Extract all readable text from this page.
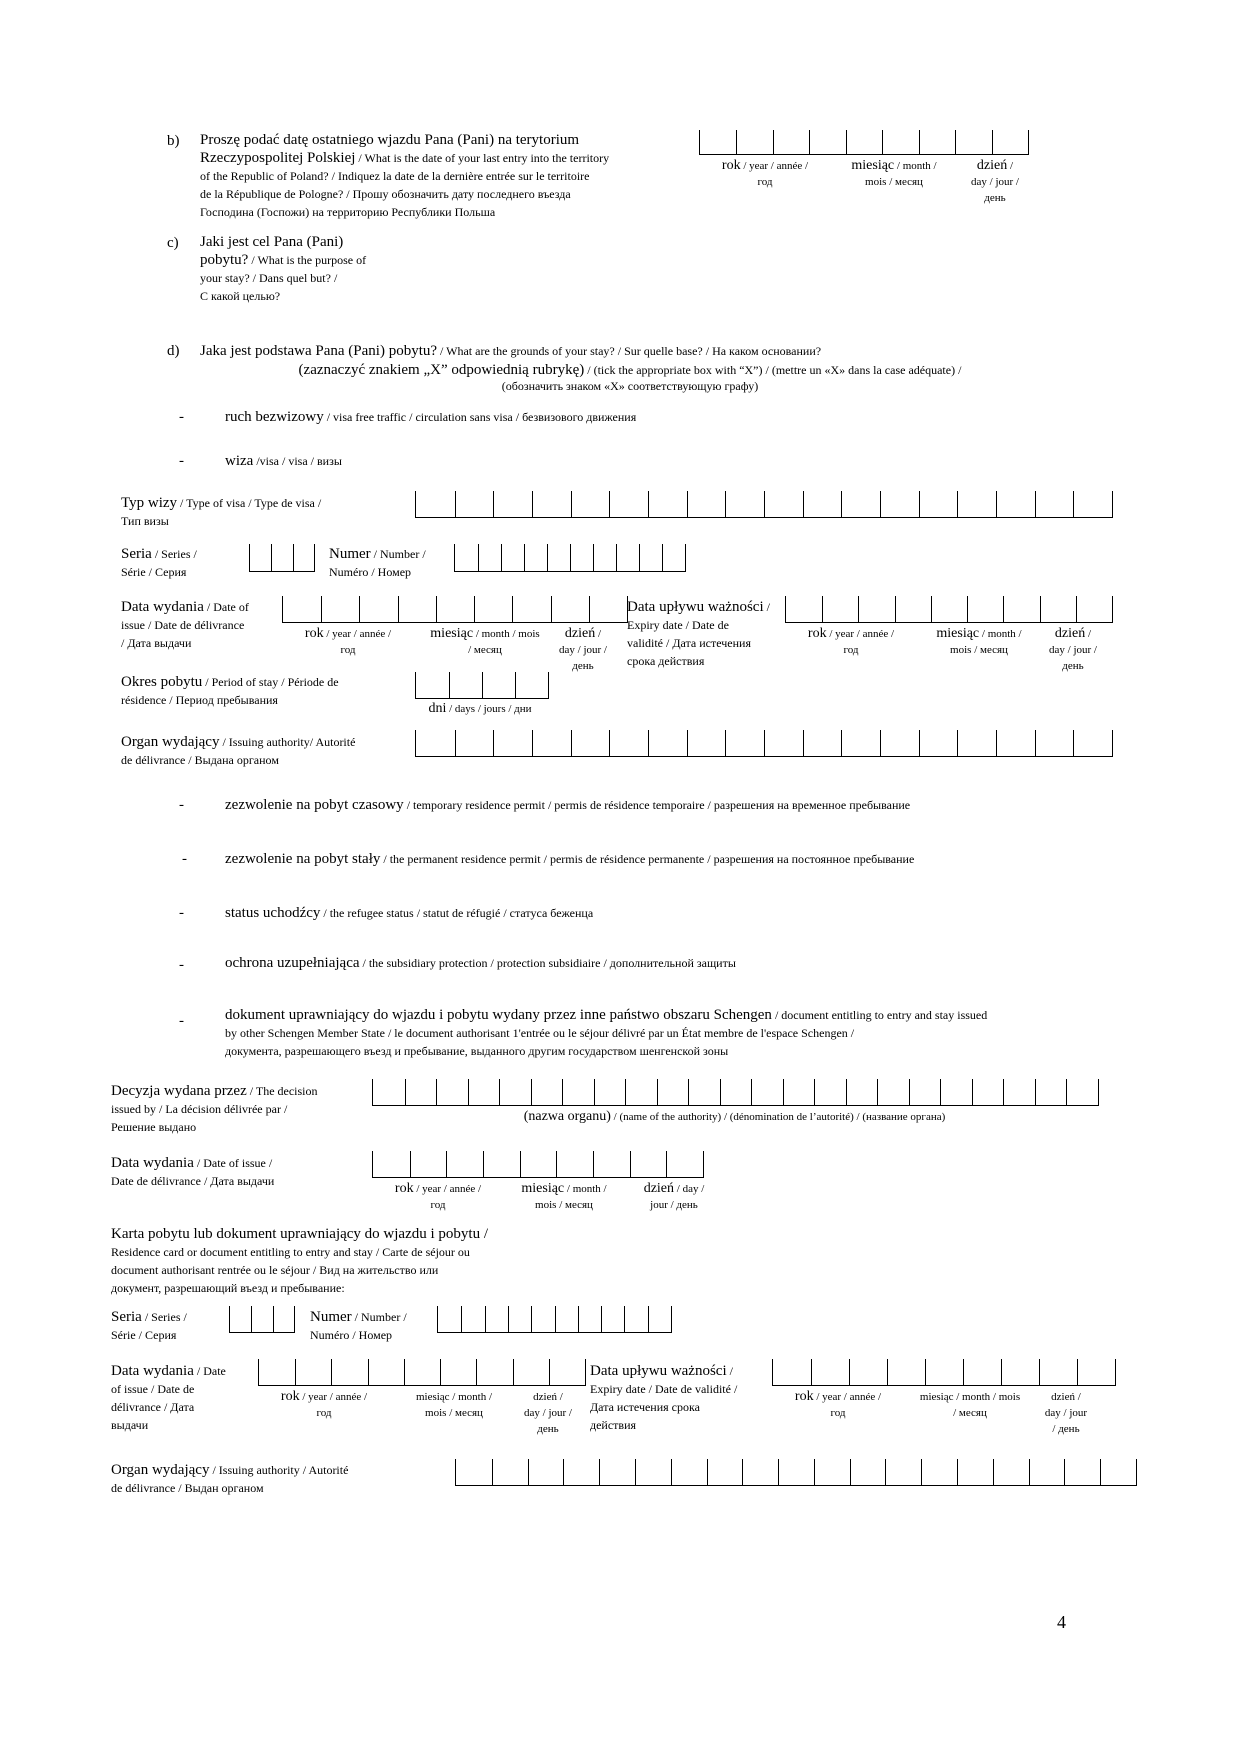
b) Proszę podać datę ostatniego wjazdu Pana (Pani) na terytorium
Rzeczypospolitej Polskiej / What is the date of your last entry into the territory
of the Republic of Poland? / Indiquez la date de la dernière entrée sur le territoire
de la République de Pologne? / Прошу обозначить дату последнего въезда
Господина (Госпожи) на территорию Республики Польша
rok / year / année /
год
miesiąc / month /
mois / месяц
dzień /
day / jour /
день
c) Jaki jest cel Pana (Pani)
pobytu? / What is the purpose of
your stay? / Dans quel but? /
С какой целью?
d) Jaka jest podstawa Pana (Pani) pobytu? / What are the grounds of your stay? / Sur quelle base? / На каком основании?
(zaznaczyć znakiem „X” odpowiednią rubrykę) / (tick the appropriate box with “X”) / (mettre un «X» dans la case adéquate) /
(обозначить знаком «X» соответствующую графу)
-	ruch bezwizowy / visa free traffic / circulation sans visa / безвизового движения
-	wiza /visa / visa / визы
Typ wizy / Type of visa / Type de visa /
Тип визы
Seria / Series /
Série / Серия
Numer / Number /
Numéro / Номер
Data wydania / Date of
issue / Date de délivrance
/ Дата выдачи
rok / year / année /
год
miesiąc / month / mois
/ месяц
dzień /
day / jour /
день
Data upływu ważności /
Expiry date / Date de
validité / Дата истечения
срока действия
rok / year / année /
год
miesiąc / month /
mois / месяц
dzień /
day / jour /
день
Okres pobytu / Period of stay / Période de
résidence / Период пребывания
dni / days / jours / дни
Organ wydający / Issuing authority/ Autorité
de délivrance / Выдана органом
-	zezwolenie na pobyt czasowy / temporary residence permit / permis de résidence temporaire / разрешения на временное пребывание
-	zezwolenie na pobyt stały / the permanent residence permit / permis de résidence permanente / разрешения на постоянное пребывание
-	status uchodźcy / the refugee status / statut de réfugié / статуса беженца
-	ochrona uzupełniająca / the subsidiary protection / protection subsidiaire / дополнительной защиты
-	dokument uprawniający do wjazdu i pobytu wydany przez inne państwo obszaru Schengen / document entitling to entry and stay issued
by other Schengen Member State / le document authorisant 1'entrée ou le séjour délivré par un État membre de l'espace Schengen /
документа, разрешающего въезд и пребывание, выданного другим государством шенгенской зоны
Decyzja wydana przez / The decision
issued by / La décision délivrée par /
Решение выдано
(nazwa organu) / (name of the authority) / (dénomination de l’autorité) / (название органа)
Data wydania / Date of issue /
Date de délivrance / Дата выдачи	rok / year / année /
год
miesiąc / month /
mois / месяц
dzień / day /
jour / день
Karta pobytu lub dokument uprawniający do wjazdu i pobytu /
Residence card or document entitling to entry and stay / Carte de séjour ou
document authorisant rentrée ou le séjour / Вид на жительство или
документ, разрешающий въезд и пребывание:
Seria / Series /
Série / Серия
Numer / Number /
Numéro / Номер
Data wydania / Date
of issue / Date de
délivrance / Дата
выдачи
rok / year / année /
год
miesiąc / month /
mois / месяц
dzień /
day / jour /
день
Data upływu ważności /
Expiry date / Date de validité /
Дата истечения срока
действия
rok / year / année /
год
miesiąc / month / mois
/ месяц
dzień /
day / jour
/ день
Organ wydający / Issuing authority / Autorité
de délivrance / Выдан органом
4
